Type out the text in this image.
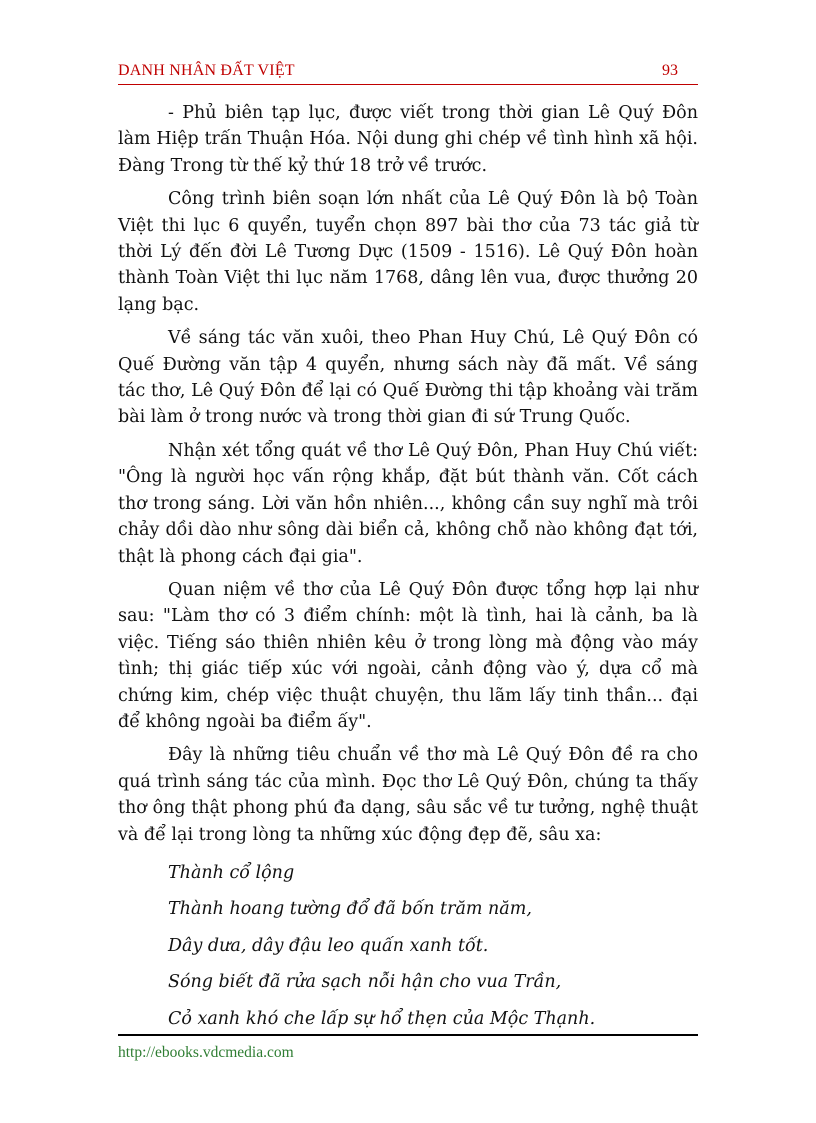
DANH NHÂN ĐẤT VIỆT	93

- Phủ biên tạp lục, được viết trong thời gian Lê Quý Đôn làm Hiệp trấn Thuận Hóa. Nội dung ghi chép về tình hình xã hội. Đàng Trong từ thế kỷ thứ 18 trở về trước.

Công trình biên soạn lớn nhất của Lê Quý Đôn là bộ Toàn Việt thi lục 6 quyển, tuyển chọn 897 bài thơ của 73 tác giả từ thời Lý đến đời Lê Tương Dực (1509 - 1516). Lê Quý Đôn hoàn thành Toàn Việt thi lục năm 1768, dâng lên vua, được thưởng 20 lạng bạc.

Về sáng tác văn xuôi, theo Phan Huy Chú, Lê Quý Đôn có Quế Đường văn tập 4 quyển, nhưng sách này đã mất. Về sáng tác thơ, Lê Quý Đôn để lại có Quế Đường thi tập khoảng vài trăm bài làm ở trong nước và trong thời gian đi sứ Trung Quốc.

Nhận xét tổng quát về thơ Lê Quý Đôn, Phan Huy Chú viết: "Ông là người học vấn rộng khắp, đặt bút thành văn. Cốt cách thơ trong sáng. Lời văn hồn nhiên..., không cần suy nghĩ mà trôi chảy dồi dào như sông dài biển cả, không chỗ nào không đạt tới, thật là phong cách đại gia".

Quan niệm về thơ của Lê Quý Đôn được tổng hợp lại như sau: "Làm thơ có 3 điểm chính: một là tình, hai là cảnh, ba là việc. Tiếng sáo thiên nhiên kêu ở trong lòng mà động vào máy tình; thị giác tiếp xúc với ngoài, cảnh động vào ý, dựa cổ mà chứng kim, chép việc thuật chuyện, thu lãm lấy tinh thần... đại để không ngoài ba điểm ấy".

Đây là những tiêu chuẩn về thơ mà Lê Quý Đôn đề ra cho quá trình sáng tác của mình. Đọc thơ Lê Quý Đôn, chúng ta thấy thơ ông thật phong phú đa dạng, sâu sắc về tư tưởng, nghệ thuật và để lại trong lòng ta những xúc động đẹp đẽ, sâu xa:

Thành cổ lộng

Thành hoang tường đổ đã bốn trăm năm,

Dây dưa, dây đậu leo quấn xanh tốt.

Sóng biết đã rửa sạch nỗi hận cho vua Trần,

Cỏ xanh khó che lấp sự hổ thẹn của Mộc Thạnh.

http://ebooks.vdcmedia.com
